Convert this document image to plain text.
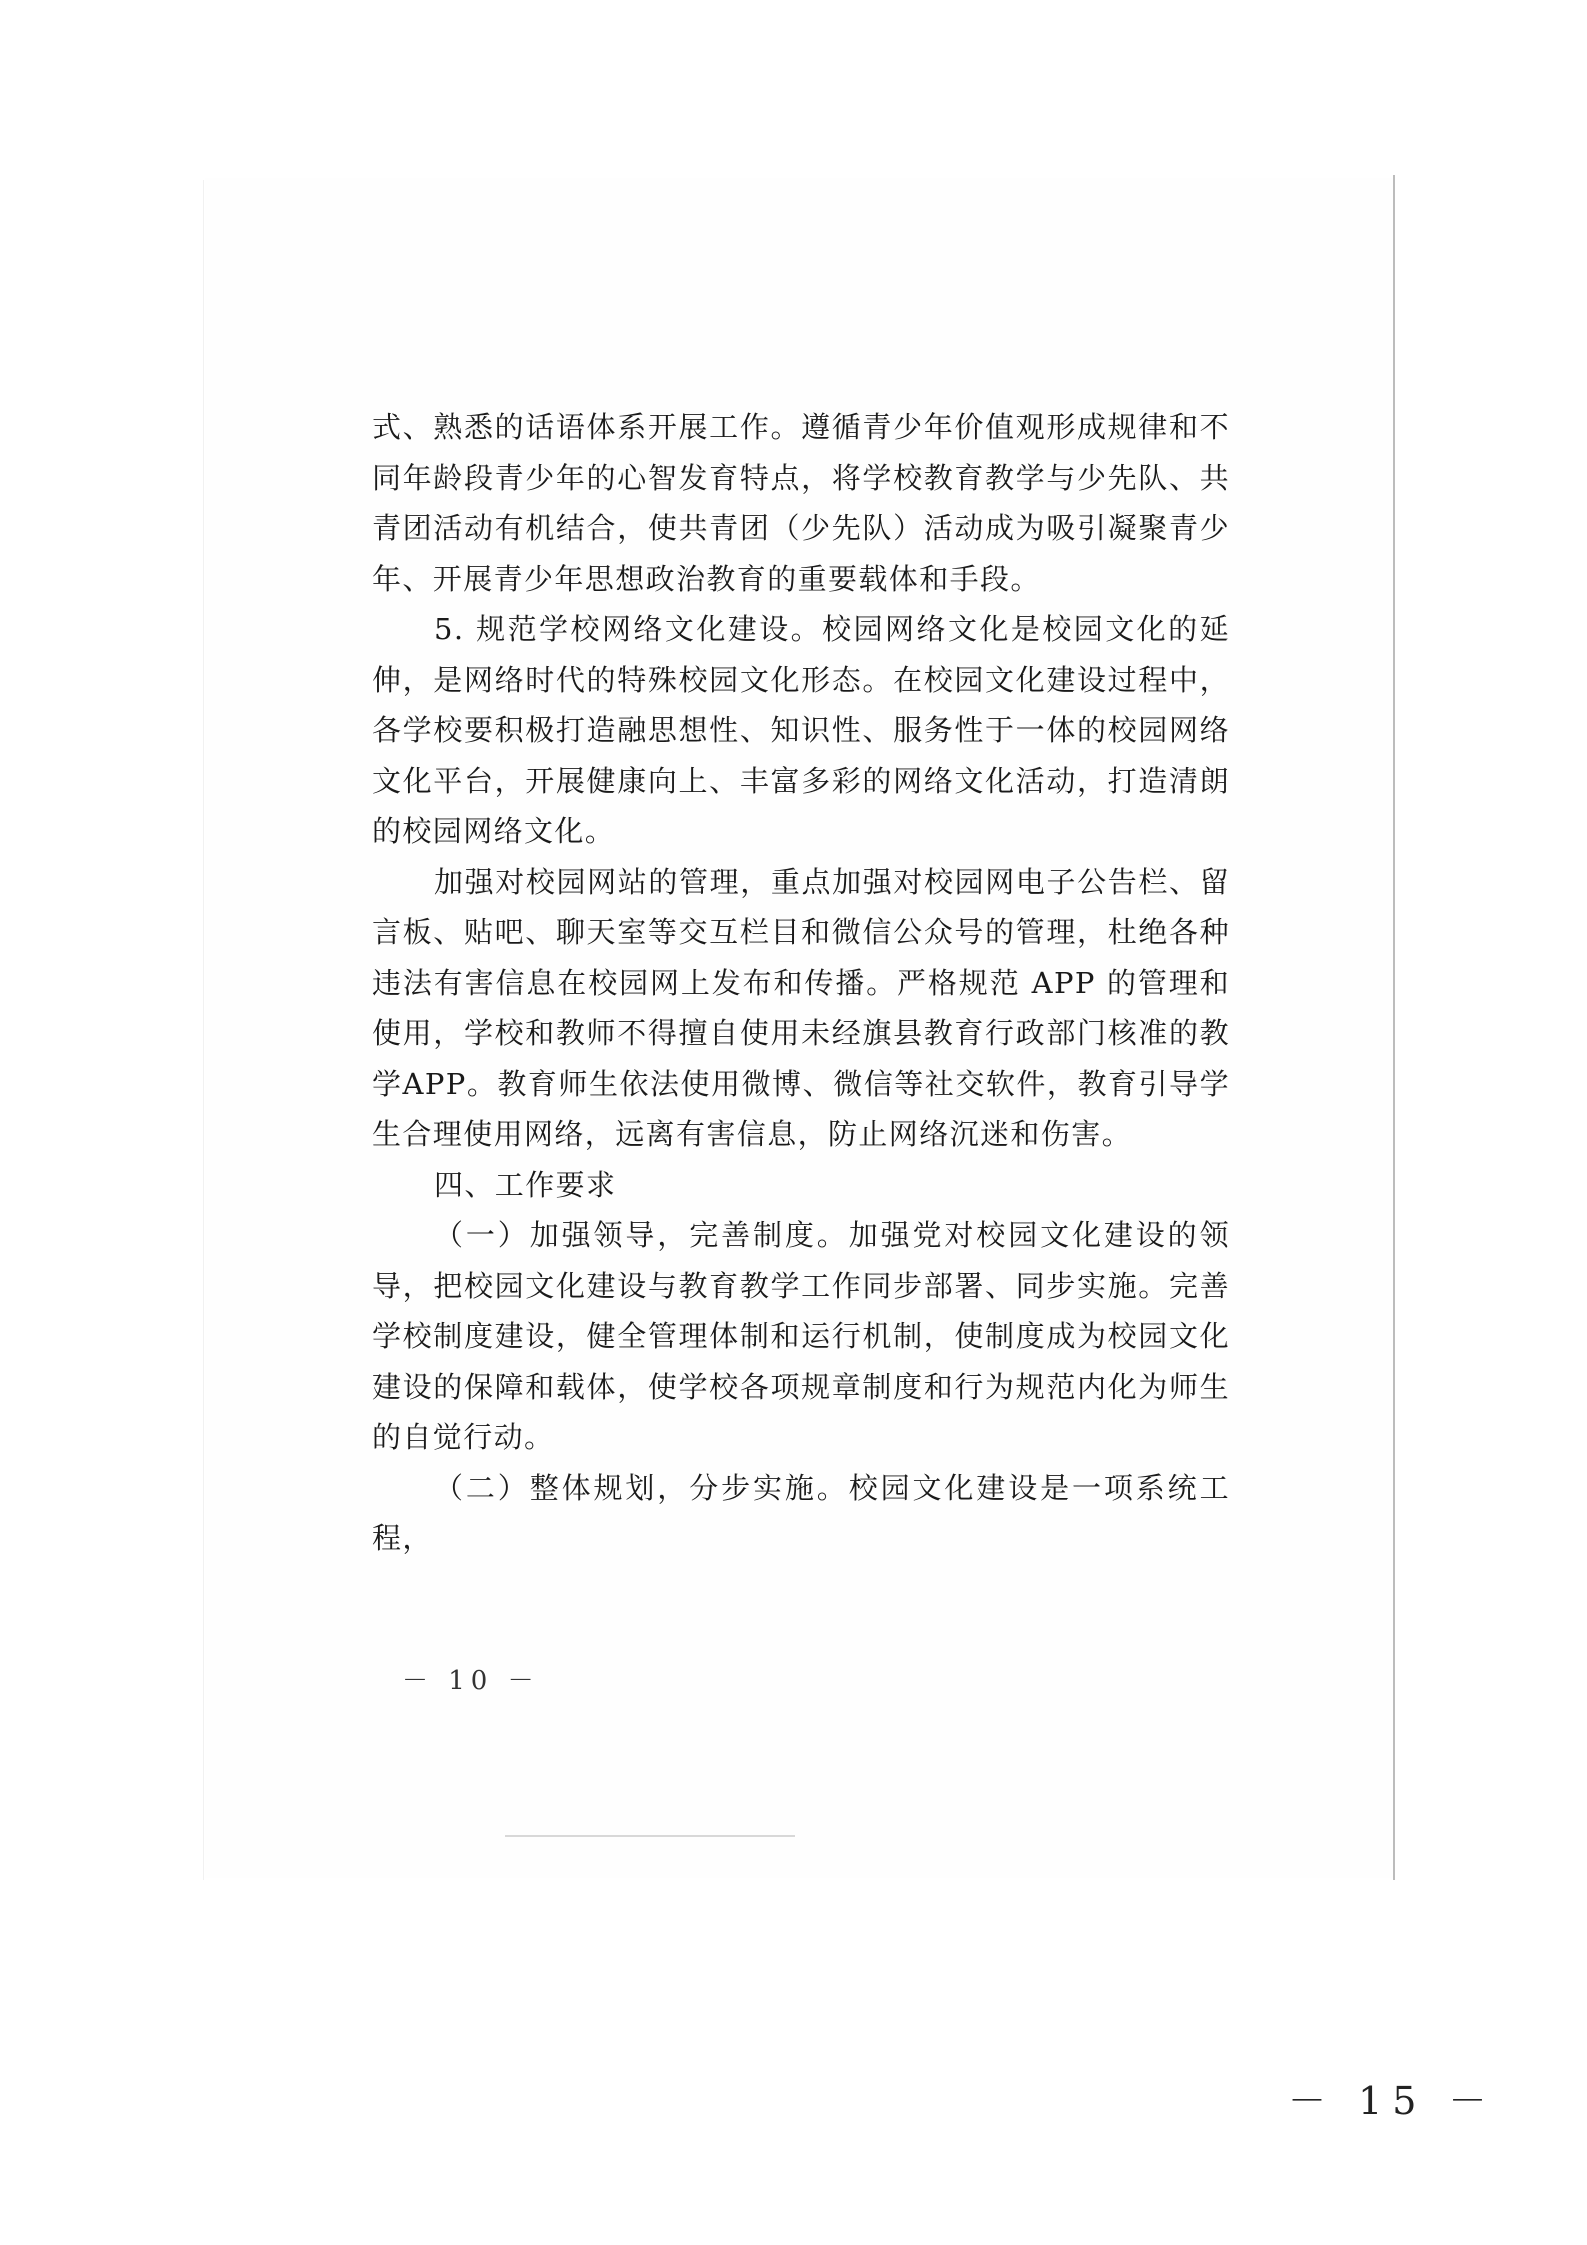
式、熟悉的话语体系开展工作。遵循青少年价值观形成规律和不同年龄段青少年的心智发育特点，将学校教育教学与少先队、共青团活动有机结合，使共青团（少先队）活动成为吸引凝聚青少年、开展青少年思想政治教育的重要载体和手段。

5. 规范学校网络文化建设。校园网络文化是校园文化的延伸，是网络时代的特殊校园文化形态。在校园文化建设过程中，各学校要积极打造融思想性、知识性、服务性于一体的校园网络文化平台，开展健康向上、丰富多彩的网络文化活动，打造清朗的校园网络文化。

加强对校园网站的管理，重点加强对校园网电子公告栏、留言板、贴吧、聊天室等交互栏目和微信公众号的管理，杜绝各种违法有害信息在校园网上发布和传播。严格规范 APP 的管理和使用，学校和教师不得擅自使用未经旗县教育行政部门核准的教学APP。教育师生依法使用微博、微信等社交软件，教育引导学生合理使用网络，远离有害信息，防止网络沉迷和伤害。

四、工作要求

（一）加强领导，完善制度。加强党对校园文化建设的领导，把校园文化建设与教育教学工作同步部署、同步实施。完善学校制度建设，健全管理体制和运行机制，使制度成为校园文化建设的保障和载体，使学校各项规章制度和行为规范内化为师生的自觉行动。

（二）整体规划，分步实施。校园文化建设是一项系统工程，

－ 10 －
－ 15 －
